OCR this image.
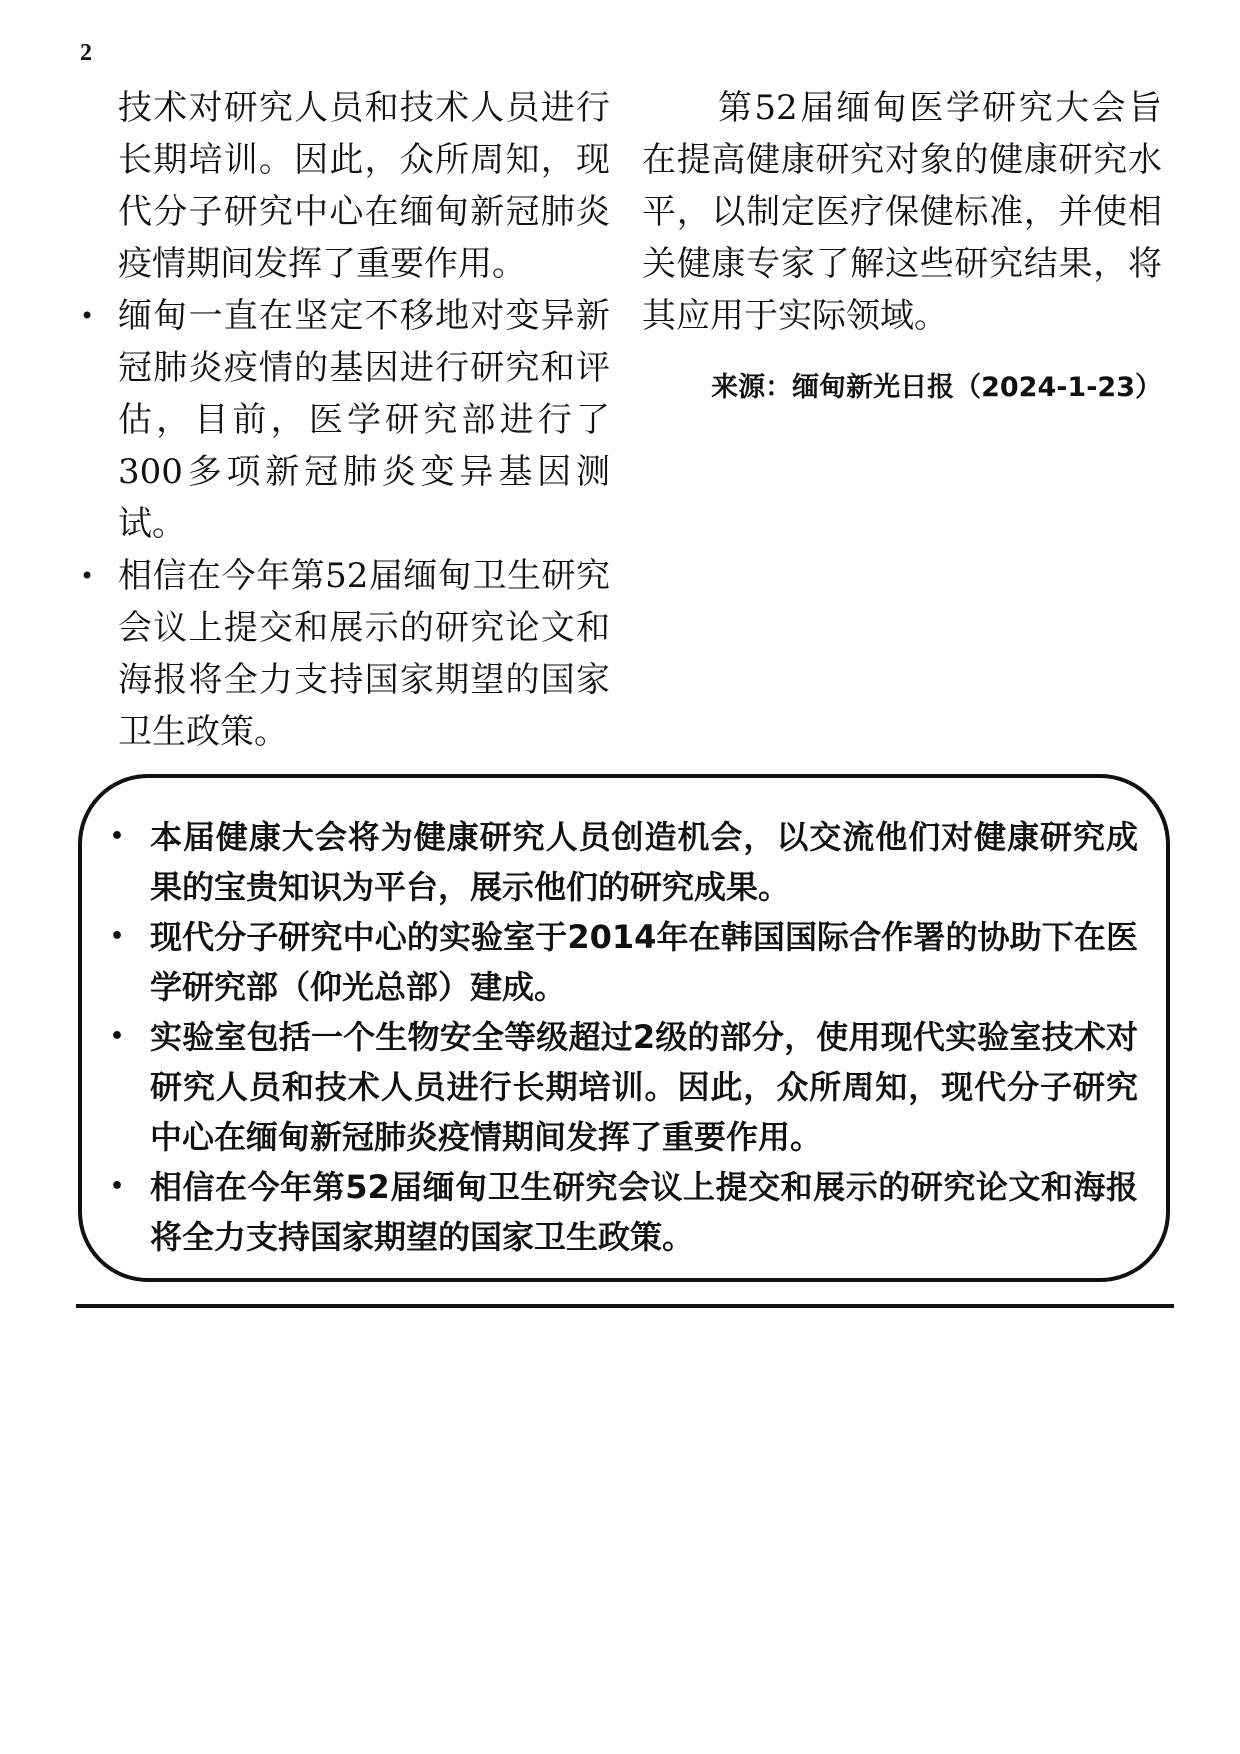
2

技术对研究人员和技术人员进行长期培训。因此，众所周知，现代分子研究中心在缅甸新冠肺炎疫情期间发挥了重要作用。

• 缅甸一直在坚定不移地对变异新冠肺炎疫情的基因进行研究和评估，目前，医学研究部进行了300多项新冠肺炎变异基因测试。
• 相信在今年第52届缅甸卫生研究会议上提交和展示的研究论文和海报将全力支持国家期望的国家卫生政策。

第52届缅甸医学研究大会旨在提高健康研究对象的健康研究水平，以制定医疗保健标准，并使相关健康专家了解这些研究结果，将其应用于实际领域。

来源：缅甸新光日报（2024-1-23）
• 本届健康大会将为健康研究人员创造机会，以交流他们对健康研究成果的宝贵知识为平台，展示他们的研究成果。
• 现代分子研究中心的实验室于2014年在韩国国际合作署的协助下在医学研究部（仰光总部）建成。
• 实验室包括一个生物安全等级超过2级的部分，使用现代实验室技术对研究人员和技术人员进行长期培训。因此，众所周知，现代分子研究中心在缅甸新冠肺炎疫情期间发挥了重要作用。
• 相信在今年第52届缅甸卫生研究会议上提交和展示的研究论文和海报将全力支持国家期望的国家卫生政策。
